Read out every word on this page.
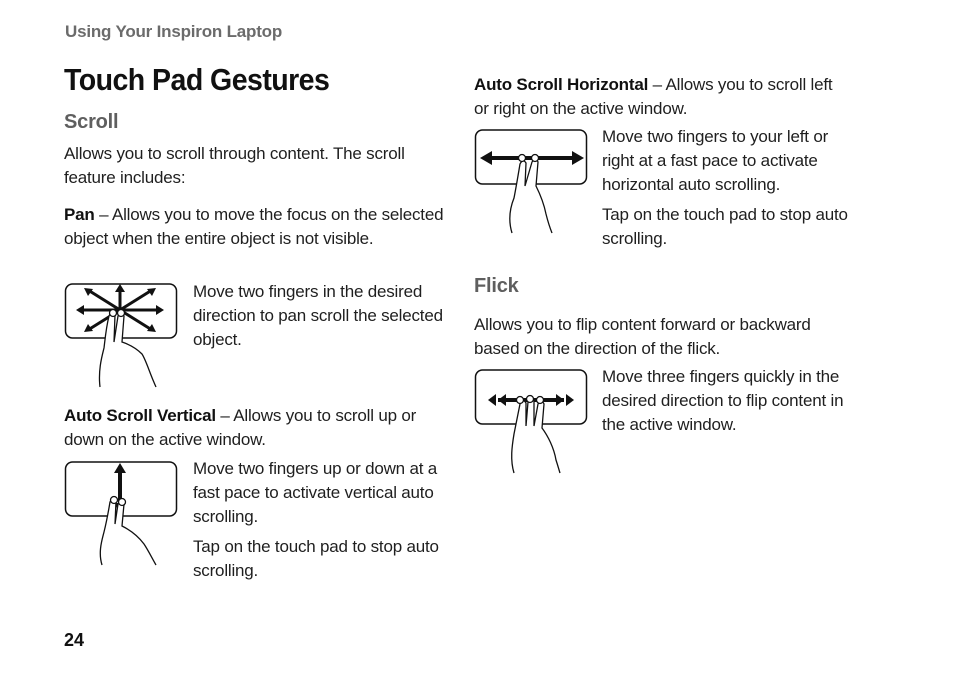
Using Your Inspiron Laptop
Touch Pad Gestures
Scroll

Allows you to scroll through content. The scroll feature includes:

Pan – Allows you to move the focus on the selected object when the entire object is not visible.

Move two fingers in the desired direction to pan scroll the selected object.

Auto Scroll Vertical – Allows you to scroll up or down on the active window.

Move two fingers up or down at a fast pace to activate vertical auto scrolling.

Tap on the touch pad to stop auto scrolling.

Auto Scroll Horizontal – Allows you to scroll left or right on the active window.

Move two fingers to your left or right at a fast pace to activate horizontal auto scrolling.

Tap on the touch pad to stop auto scrolling.

Flick

Allows you to flip content forward or backward based on the direction of the flick.

Move three fingers quickly in the desired direction to flip content in the active window.

24
